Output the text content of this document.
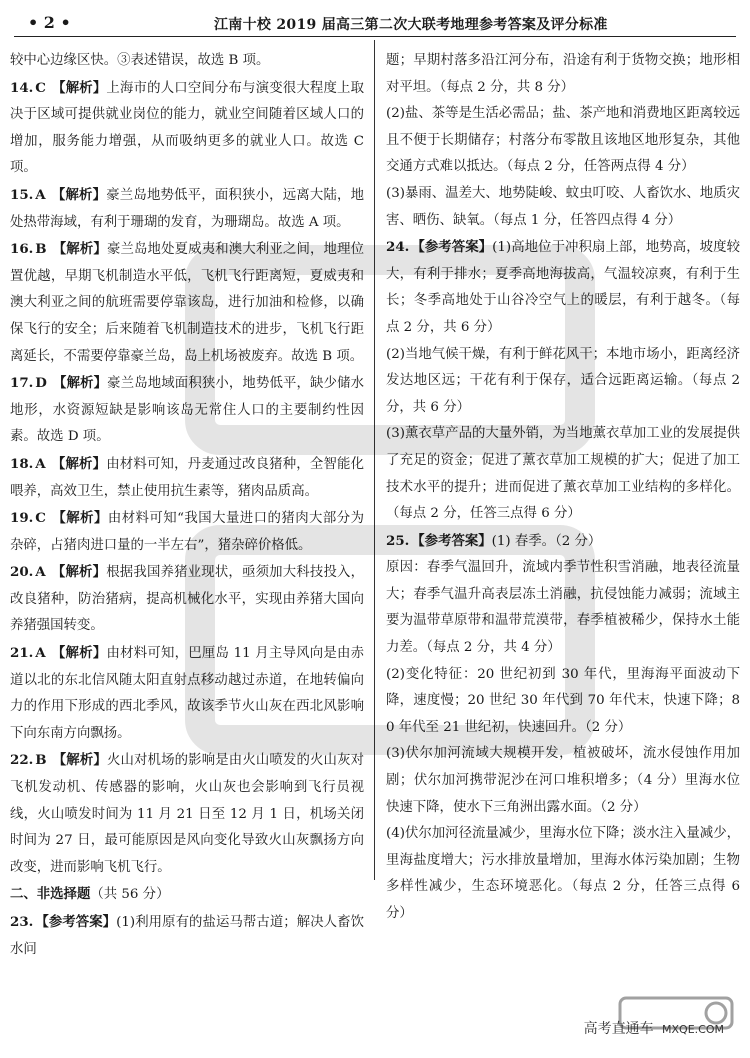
• 2 •	江南十校 2019 届高三第二次大联考地理参考答案及评分标准

较中心边缘区快。③表述错误，故选 B 项。

14. C 【解析】上海市的人口空间分布与演变很大程度上取决于区域可提供就业岗位的能力，就业空间随着区域人口的增加，服务能力增强，从而吸纳更多的就业人口。故选 C 项。

15. A 【解析】豪兰岛地势低平，面积狭小，远离大陆，地处热带海域，有利于珊瑚的发育，为珊瑚岛。故选 A 项。

16. B 【解析】豪兰岛地处夏威夷和澳大利亚之间，地理位置优越，早期飞机制造水平低，飞机飞行距离短，夏威夷和澳大利亚之间的航班需要停靠该岛，进行加油和检修，以确保飞行的安全；后来随着飞机制造技术的进步，飞机飞行距离延长，不需要停靠豪兰岛，岛上机场被废弃。故选 B 项。

17. D 【解析】豪兰岛地域面积狭小，地势低平，缺少储水地形，水资源短缺是影响该岛无常住人口的主要制约性因素。故选 D 项。

18. A 【解析】由材料可知，丹麦通过改良猪种，全智能化喂养，高效卫生，禁止使用抗生素等，猪肉品质高。

19. C 【解析】由材料可知“我国大量进口的猪肉大部分为杂碎，占猪肉进口量的一半左右”，猪杂碎价格低。

20. A 【解析】根据我国养猪业现状，亟须加大科技投入，改良猪种，防治猪病，提高机械化水平，实现由养猪大国向养猪强国转变。

21. A 【解析】由材料可知，巴厘岛 11 月主导风向是由赤道以北的东北信风随太阳直射点移动越过赤道，在地转偏向力的作用下形成的西北季风，故该季节火山灰在西北风影响下向东南方向飘扬。

22. B 【解析】火山对机场的影响是由火山喷发的火山灰对飞机发动机、传感器的影响，火山灰也会影响到飞行员视线，火山喷发时间为 11 月 21 日至 12 月 1 日，机场关闭时间为 27 日，最可能原因是风向变化导致火山灰飘扬方向改变，进而影响飞机飞行。

二、非选择题（共 56 分）

23. 【参考答案】(1)利用原有的盐运马帮古道；解决人畜饮水问

题；早期村落多沿江河分布，沿途有利于货物交换；地形相对平坦。（每点 2 分，共 8 分）

(2)盐、茶等是生活必需品；盐、茶产地和消费地区距离较远且不便于长期储存；村落分布零散且该地区地形复杂，其他交通方式难以抵达。（每点 2 分，任答两点得 4 分）

(3)暴雨、温差大、地势陡峻、蚊虫叮咬、人畜饮水、地质灾害、晒伤、缺氧。（每点 1 分，任答四点得 4 分）

24. 【参考答案】(1)高地位于冲积扇上部，地势高，坡度较大，有利于排水；夏季高地海拔高，气温较凉爽，有利于生长；冬季高地处于山谷冷空气上的暖层，有利于越冬。（每点 2 分，共 6 分）

(2)当地气候干燥，有利于鲜花风干；本地市场小，距离经济发达地区远；干花有利于保存，适合远距离运输。（每点 2 分，共 6 分）

(3)薰衣草产品的大量外销，为当地薰衣草加工业的发展提供了充足的资金；促进了薰衣草加工规模的扩大；促进了加工技术水平的提升；进而促进了薰衣草加工业结构的多样化。（每点 2 分，任答三点得 6 分）

25. 【参考答案】(1) 春季。（2 分）

原因：春季气温回升，流域内季节性积雪消融，地表径流量大；春季气温升高表层冻土消融，抗侵蚀能力减弱；流域主要为温带草原带和温带荒漠带，春季植被稀少，保持水土能力差。（每点 2 分，共 4 分）

(2)变化特征：20 世纪初到 30 年代，里海海平面波动下降，速度慢；20 世纪 30 年代到 70 年代末，快速下降；80 年代至 21 世纪初，快速回升。（2 分）

(3)伏尔加河流域大规模开发，植被破坏，流水侵蚀作用加剧；伏尔加河携带泥沙在河口堆积增多；（4 分）里海水位快速下降，使水下三角洲出露水面。（2 分）

(4)伏尔加河径流量减少，里海水位下降；淡水注入量减少，里海盐度增大；污水排放量增加，里海水体污染加剧；生物多样性减少，生态环境恶化。（每点 2 分，任答三点得 6 分）

高考直通车 MXQE.COM
